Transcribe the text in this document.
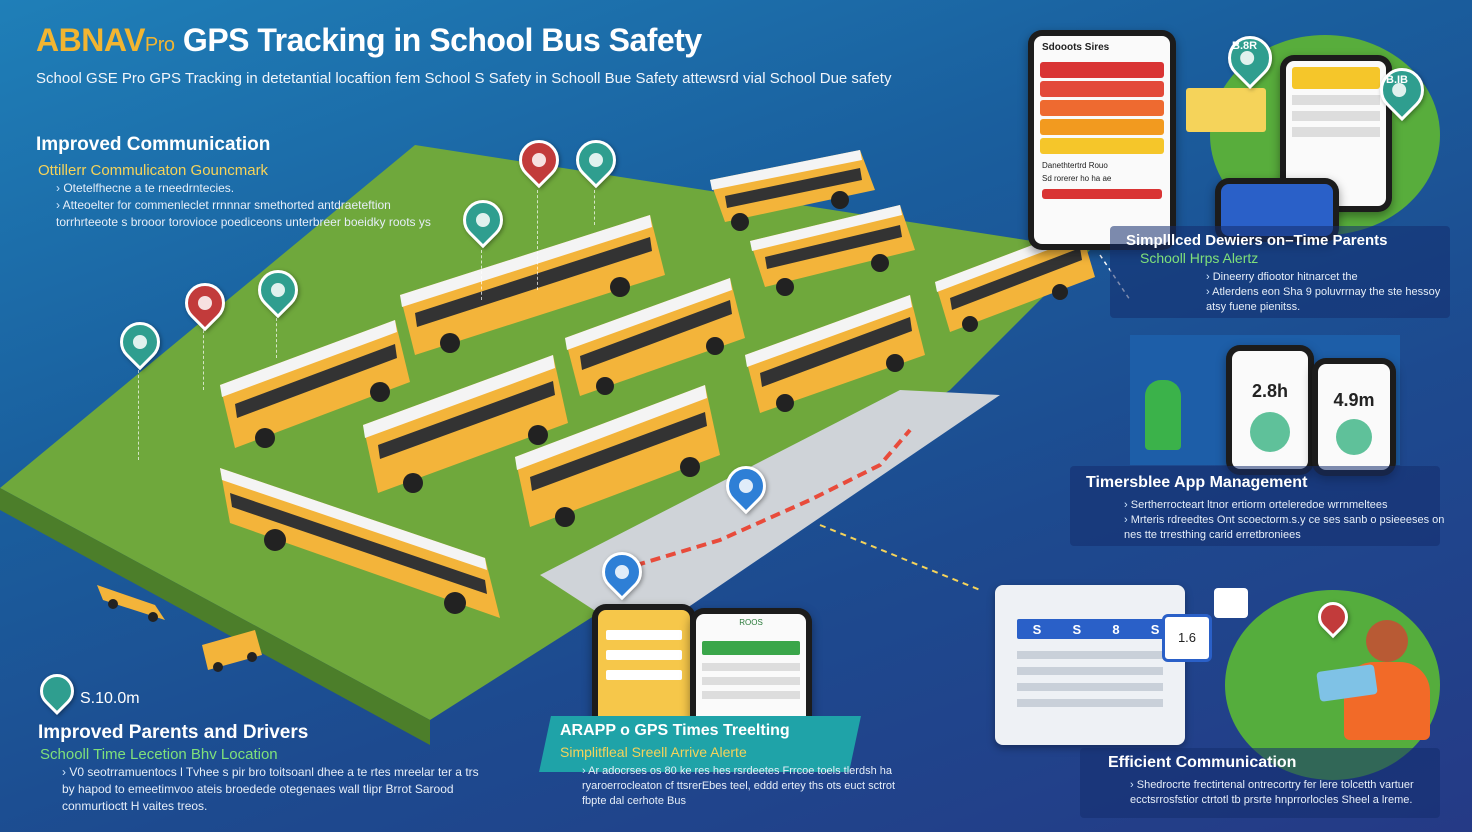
ABNAVPro GPS Tracking in School Bus Safety
School GSE Pro GPS Tracking in detetantial locaftion fem School S Safety in Schooll Bue Safety attewsrd vial School Due safety
Improved Communication
Ottillerr Commulicaton Gouncmark
› Otetelfhecne a te rneedrntecies.
› Atteoelter for commenleclet rrnnnar smethorted antdraeteftion torrhrteeote s brooor torovioce poediceons unterbreer boeidky roots ys
Sdooots Sires
Danethtertrd Rouo
Sd rorerer ho ha ae
B.8R
B.IB
Simplllced Dewiers on–Time Parents
Schooll Hrps Alertz
› Dineerry dfiootor hitnarcet the
› Atlerdens eon Sha 9 poluvrrnay the ste hessoy atsy fuene pienitss.
2.8h	4.9m
Timersblee App Management
› Sertherrocteart ltnor ertiorm orteleredoe wrrnmeltees
› Mrteris rdreedtes Ont scoectorm.s.y ce ses sanb o psieeeses on nes tte trresthing carid erretbroniees
S S 8 S
1.6
Efficient Communication
› Shedrocrte frectirtenal ontrecortry fer lere tolcetth vartuer ecctsrrosfstior ctrtotl tb prsrte hnprrorlocles Sheel a lreme.
ROOS
ARAPP o GPS Times Treelting
Simplitfleal Sreell Arrive Alerte
› Ar adocrses os 80 ke res hes rsrdeetes Frrcoe toels tlerdsh ha ryaroerrocleaton cf ttsrerEbes teel, eddd ertey ths ots euct sctrot fbpte dal cerhote Bus
S.10.0m
Improved Parents and Drivers
Schooll Time Lecetion Bhv Location
› V0 seotrramuentocs l Tvhee s pir bro toitsoanl dhee a te rtes mreelar ter a trs by hapod to emeetimvoo ateis broedede otegenaes wall tlipr Brrot Sarood conmurtioctt H vaites treos.
